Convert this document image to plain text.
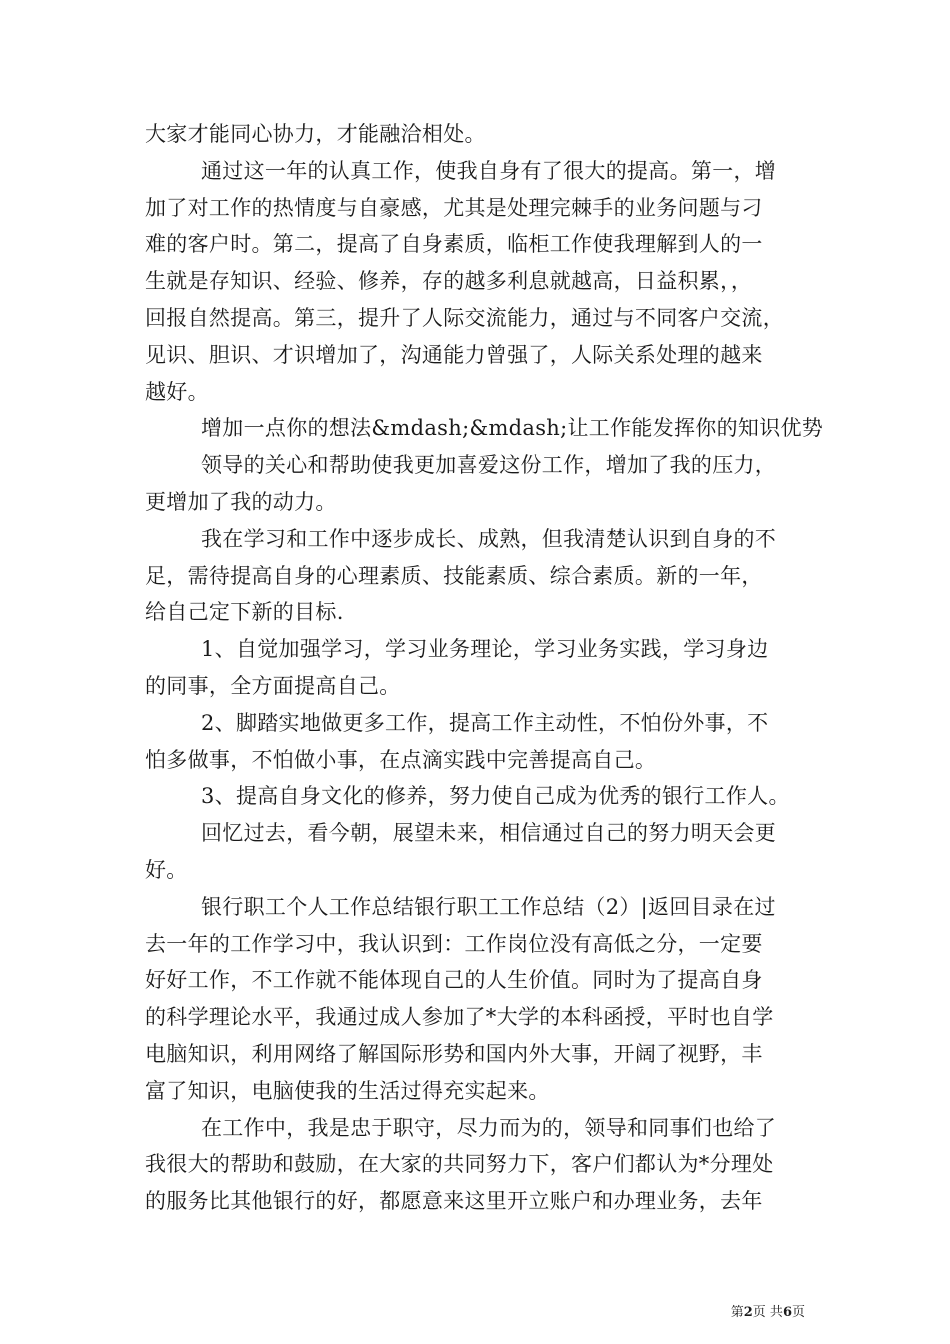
大家才能同心协力，才能融洽相处。
通过这一年的认真工作，使我自身有了很大的提高。第一，增
加了对工作的热情度与自豪感，尤其是处理完棘手的业务问题与刁
难的客户时。第二，提高了自身素质，临柜工作使我理解到人的一
生就是存知识、经验、修养，存的越多利息就越高，日益积累，，
回报自然提高。第三，提升了人际交流能力，通过与不同客户交流，
见识、胆识、才识增加了，沟通能力曾强了，人际关系处理的越来
越好。
增加一点你的想法&mdash;&mdash;让工作能发挥你的知识优势
领导的关心和帮助使我更加喜爱这份工作，增加了我的压力，
更增加了我的动力。
我在学习和工作中逐步成长、成熟，但我清楚认识到自身的不
足，需待提高自身的心理素质、技能素质、综合素质。新的一年，
给自己定下新的目标.
1、自觉加强学习，学习业务理论，学习业务实践，学习身边
的同事，全方面提高自己。
2、脚踏实地做更多工作，提高工作主动性，不怕份外事，不
怕多做事，不怕做小事，在点滴实践中完善提高自己。
3、提高自身文化的修养，努力使自己成为优秀的银行工作人。
回忆过去，看今朝，展望未来，相信通过自己的努力明天会更
好。
银行职工个人工作总结银行职工工作总结（2）|返回目录在过
去一年的工作学习中，我认识到：工作岗位没有高低之分，一定要
好好工作，不工作就不能体现自己的人生价值。同时为了提高自身
的科学理论水平，我通过成人参加了*大学的本科函授，平时也自学
电脑知识，利用网络了解国际形势和国内外大事，开阔了视野，丰
富了知识，电脑使我的生活过得充实起来。
在工作中，我是忠于职守，尽力而为的，领导和同事们也给了
我很大的帮助和鼓励，在大家的共同努力下，客户们都认为*分理处
的服务比其他银行的好，都愿意来这里开立账户和办理业务，去年
第2页 共6页
